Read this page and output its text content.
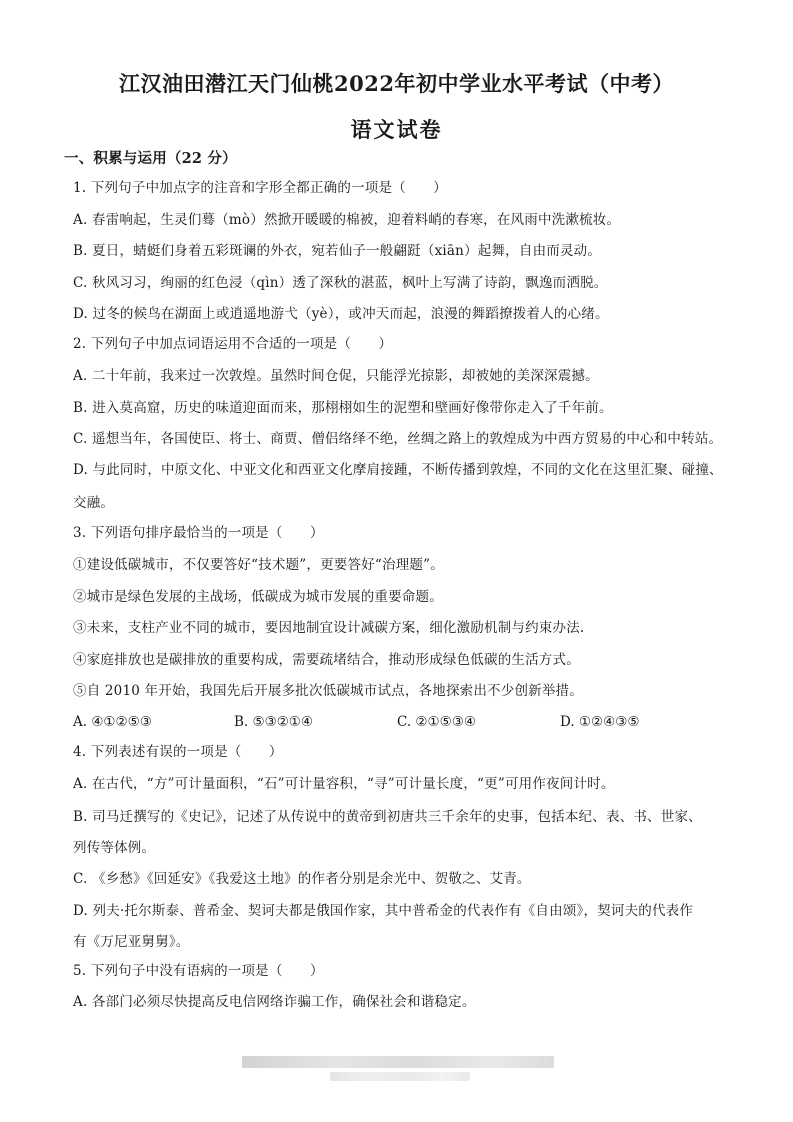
江汉油田潜江天门仙桃2022年初中学业水平考试（中考）
语文试卷
一、积累与运用（22 分）
1. 下列句子中加点字的注音和字形全都正确的一项是（　　）
A. 春雷响起，生灵们蓦（mò）然掀开暖暖的棉被，迎着料峭的春寒，在风雨中洗漱梳妆。
B. 夏日，蜻蜓们身着五彩斑谰的外衣，宛若仙子一般翩跹（xiān）起舞，自由而灵动。
C. 秋风习习，绚丽的红色浸（qìn）透了深秋的湛蓝，枫叶上写满了诗韵，飘逸而洒脱。
D. 过冬的候鸟在湖面上或逍遥地游弋（yè），或冲天而起，浪漫的舞蹈撩拨着人的心绪。
2. 下列句子中加点词语运用不合适的一项是（　　）
A. 二十年前，我来过一次敦煌。虽然时间仓促，只能浮光掠影，却被她的美深深震撼。
B. 进入莫高窟，历史的味道迎面而来，那栩栩如生的泥塑和壁画好像带你走入了千年前。
C. 遥想当年，各国使臣、将士、商贾、僧侣络绎不绝，丝绸之路上的敦煌成为中西方贸易的中心和中转站。
D. 与此同时，中原文化、中亚文化和西亚文化摩肩接踵，不断传播到敦煌，不同的文化在这里汇聚、碰撞、
交融。
3. 下列语句排序最恰当的一项是（　　）
①建设低碳城市，不仅要答好“技术题”，更要答好“治理题”。
②城市是绿色发展的主战场，低碳成为城市发展的重要命题。
③未来，支柱产业不同的城市，要因地制宜设计减碳方案，细化激励机制与约束办法.
④家庭排放也是碳排放的重要构成，需要疏堵结合，推动形成绿色低碳的生活方式。
⑤自 2010 年开始，我国先后开展多批次低碳城市试点，各地探索出不少创新举措。
A. ④①②⑤③	B. ⑤③②①④	C. ②①⑤③④	D. ①②④③⑤
4. 下列表述有误的一项是（　　）
A. 在古代，“方”可计量面积，“石”可计量容积，“寻”可计量长度，“更”可用作夜间计时。
B. 司马迁撰写的《史记》，记述了从传说中的黄帝到初唐共三千余年的史事，包括本纪、表、书、世家、
列传等体例。
C. 《乡愁》《回延安》《我爱这土地》的作者分别是余光中、贺敬之、艾青。
D. 列夫·托尔斯泰、普希金、契诃夫都是俄国作家，其中普希金的代表作有《自由颂》，契诃夫的代表作
有《万尼亚舅舅》。
5. 下列句子中没有语病的一项是（　　）
A. 各部门必须尽快提高反电信网络诈骗工作，确保社会和谐稳定。
